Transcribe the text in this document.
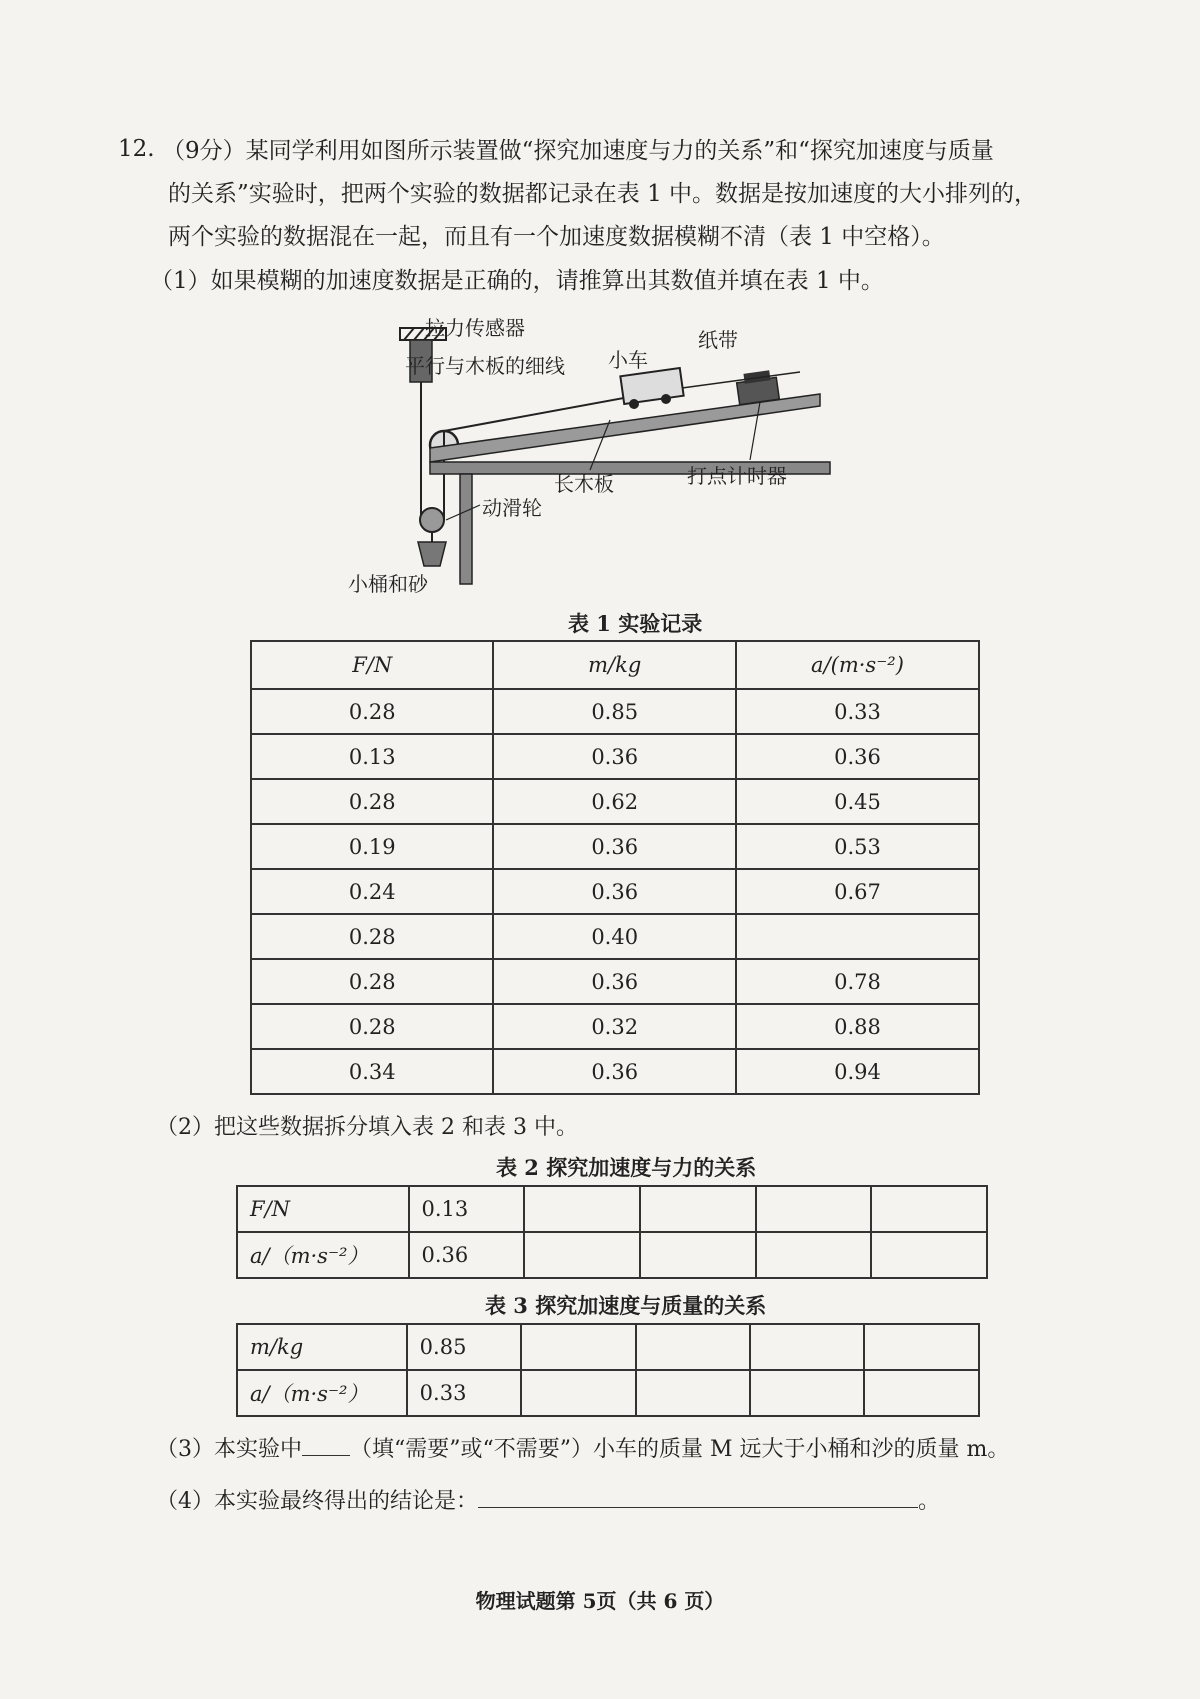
12. （9分）某同学利用如图所示装置做“探究加速度与力的关系”和“探究加速度与质量
的关系”实验时，把两个实验的数据都记录在表 1 中。数据是按加速度的大小排列的，
两个实验的数据混在一起，而且有一个加速度数据模糊不清（表 1 中空格）。
（1）如果模糊的加速度数据是正确的，请推算出其数值并填在表 1 中。
拉力传感器
平行与木板的细线 小车
纸带
长木板	打点计时器
动滑轮
小桶和砂
表 1 实验记录
F/N	m/kg	a/(m·s⁻²)
0.28	0.85	0.33
0.13	0.36	0.36
0.28	0.62	0.45
0.19	0.36	0.53
0.24	0.36	0.67
0.28	0.40	
0.28	0.36	0.78
0.28	0.32	0.88
0.34	0.36	0.94
（2）把这些数据拆分填入表 2 和表 3 中。
表 2 探究加速度与力的关系
F/N	0.13				
a/（m·s⁻²）	0.36				
表 3 探究加速度与质量的关系
m/kg	0.85				
a/（m·s⁻²）	0.33				
（3）本实验中 （填“需要”或“不需要”）小车的质量 M 远大于小桶和沙的质量 m。
（4）本实验最终得出的结论是：	。
物理试题第 5页（共 6 页）
